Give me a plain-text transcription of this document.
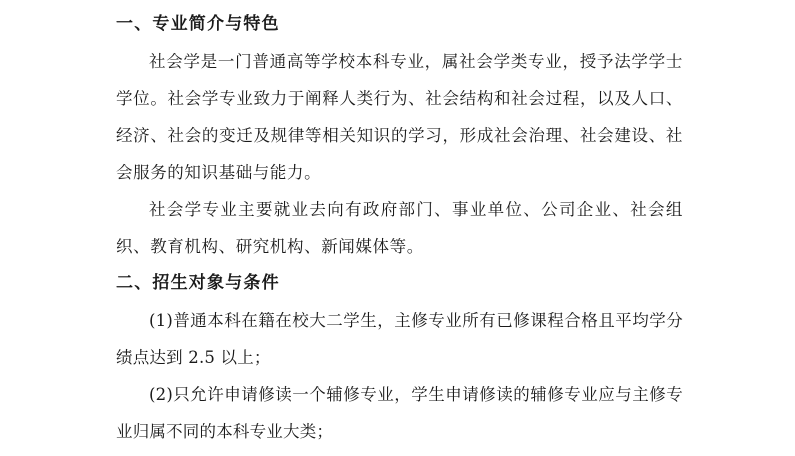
一、专业简介与特色

社会学是一门普通高等学校本科专业，属社会学类专业，授予法学学士学位。社会学专业致力于阐释人类行为、社会结构和社会过程，以及人口、经济、社会的变迁及规律等相关知识的学习，形成社会治理、社会建设、社会服务的知识基础与能力。

社会学专业主要就业去向有政府部门、事业单位、公司企业、社会组织、教育机构、研究机构、新闻媒体等。

二、招生对象与条件

(1)普通本科在籍在校大二学生，主修专业所有已修课程合格且平均学分绩点达到 2.5 以上；

(2)只允许申请修读一个辅修专业，学生申请修读的辅修专业应与主修专业归属不同的本科专业大类；
